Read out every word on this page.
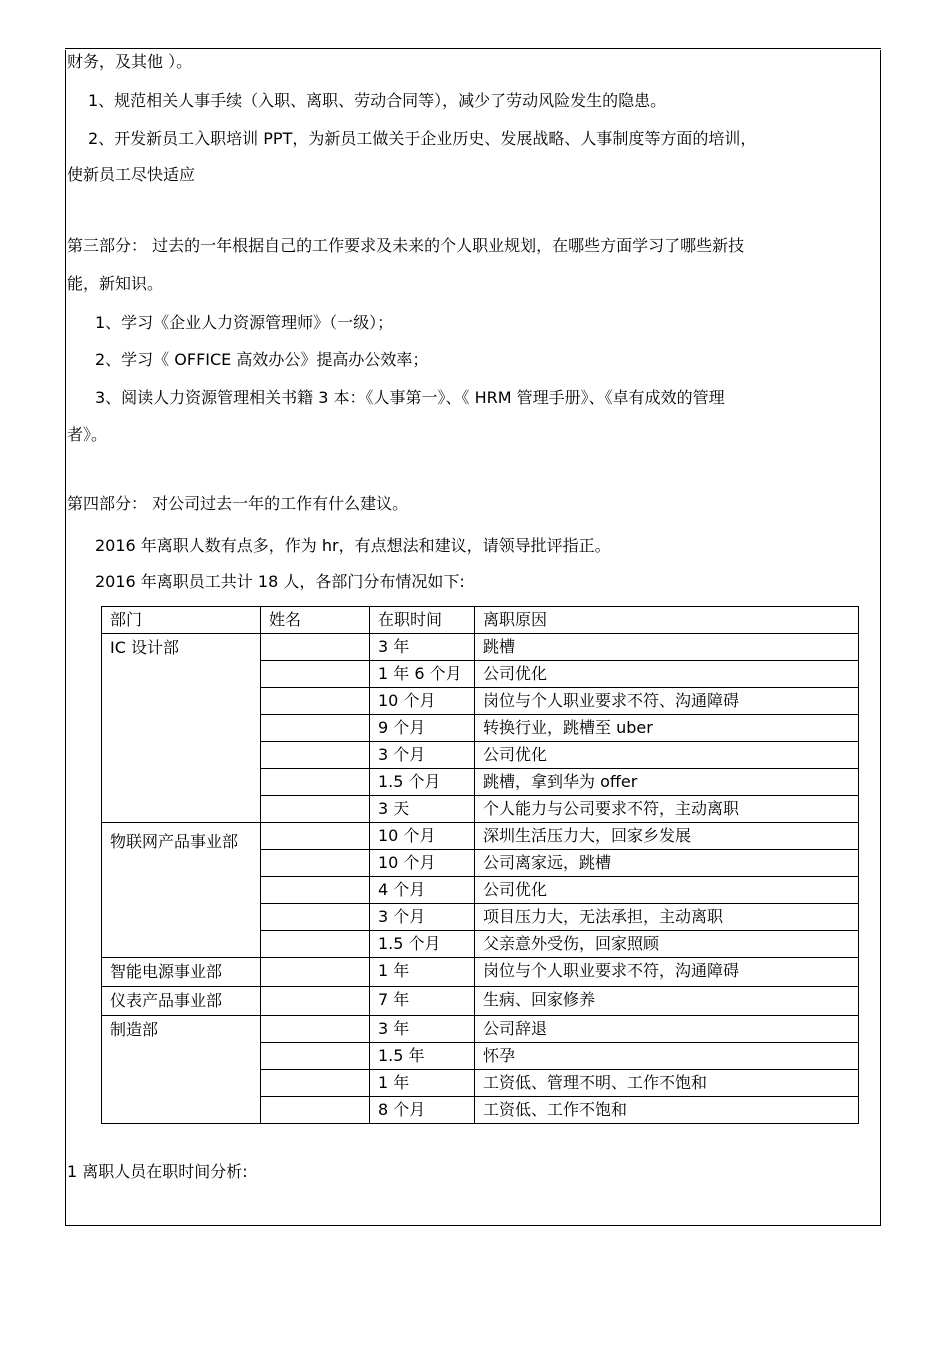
财务，及其他 ）。
1、规范相关人事手续（入职、离职、劳动合同等），减少了劳动风险发生的隐患。
2、开发新员工入职培训 PPT，为新员工做关于企业历史、发展战略、人事制度等方面的培训，
使新员工尽快适应
第三部分： 过去的一年根据自己的工作要求及未来的个人职业规划，在哪些方面学习了哪些新技
能，新知识。
1、学习《企业人力资源管理师》（一级）；
2、学习《 OFFICE 高效办公》提高办公效率；
3、阅读人力资源管理相关书籍 3 本：《人事第一》、《 HRM 管理手册》、《卓有成效的管理
者》。
第四部分： 对公司过去一年的工作有什么建议。
2016 年离职人数有点多，作为 hr，有点想法和建议，请领导批评指正。
2016 年离职员工共计 18 人，各部门分布情况如下:
部门	姓名	在职时间	离职原因
IC 设计部		3 年	跳槽
		1 年 6 个月	公司优化
		10 个月	岗位与个人职业要求不符、沟通障碍
		9 个月	转换行业，跳槽至 uber
		3 个月	公司优化
		1.5 个月	跳槽，拿到华为 offer
		3 天	个人能力与公司要求不符，主动离职
物联网产品事业部		10 个月	深圳生活压力大，回家乡发展
		10 个月	公司离家远，跳槽
		4 个月	公司优化
		3 个月	项目压力大，无法承担，主动离职
		1.5 个月	父亲意外受伤，回家照顾
智能电源事业部		1 年	岗位与个人职业要求不符，沟通障碍
仪表产品事业部		7 年	生病、回家修养
制造部		3 年	公司辞退
		1.5 年	怀孕
		1 年	工资低、管理不明、工作不饱和
		8 个月	工资低、工作不饱和
1 离职人员在职时间分析:
